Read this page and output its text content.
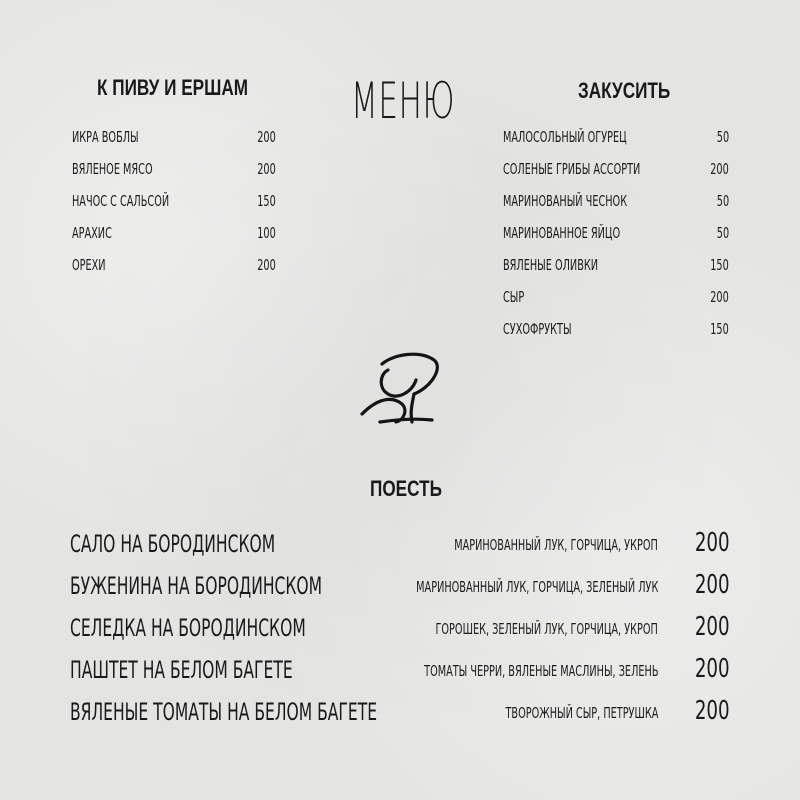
МЕНЮ
К ПИВУ И ЕРШАМ
ИКРА ВОБЛЫ	200
ВЯЛЕНОЕ МЯСО	200
НАЧОС С САЛЬСОЙ	150
АРАХИС	100
ОРЕХИ	200
ЗАКУСИТЬ
МАЛОСОЛЬНЫЙ ОГУРЕЦ	50
СОЛЕНЫЕ ГРИБЫ АССОРТИ	200
МАРИНОВАНЫЙ ЧЕСНОК	50
МАРИНОВАННОЕ ЯЙЦО	50
ВЯЛЕНЫЕ ОЛИВКИ	150
СЫР	200
СУХОФРУКТЫ	150
ПОЕСТЬ
САЛО НА БОРОДИНСКОМ	МАРИНОВАННЫЙ ЛУК, ГОРЧИЦА, УКРОП 200
БУЖЕНИНА НА БОРОДИНСКОМ	МАРИНОВАННЫЙ ЛУК, ГОРЧИЦА, ЗЕЛЕНЫЙ ЛУК 200
СЕЛЕДКА НА БОРОДИНСКОМ	ГОРОШЕК, ЗЕЛЕНЫЙ ЛУК, ГОРЧИЦА, УКРОП 200
ПАШТЕТ НА БЕЛОМ БАГЕТЕ	ТОМАТЫ ЧЕРРИ, ВЯЛЕНЫЕ МАСЛИНЫ, ЗЕЛЕНЬ 200
ВЯЛЕНЫЕ ТОМАТЫ НА БЕЛОМ БАГЕТЕ	ТВОРОЖНЫЙ СЫР, ПЕТРУШКА 200
